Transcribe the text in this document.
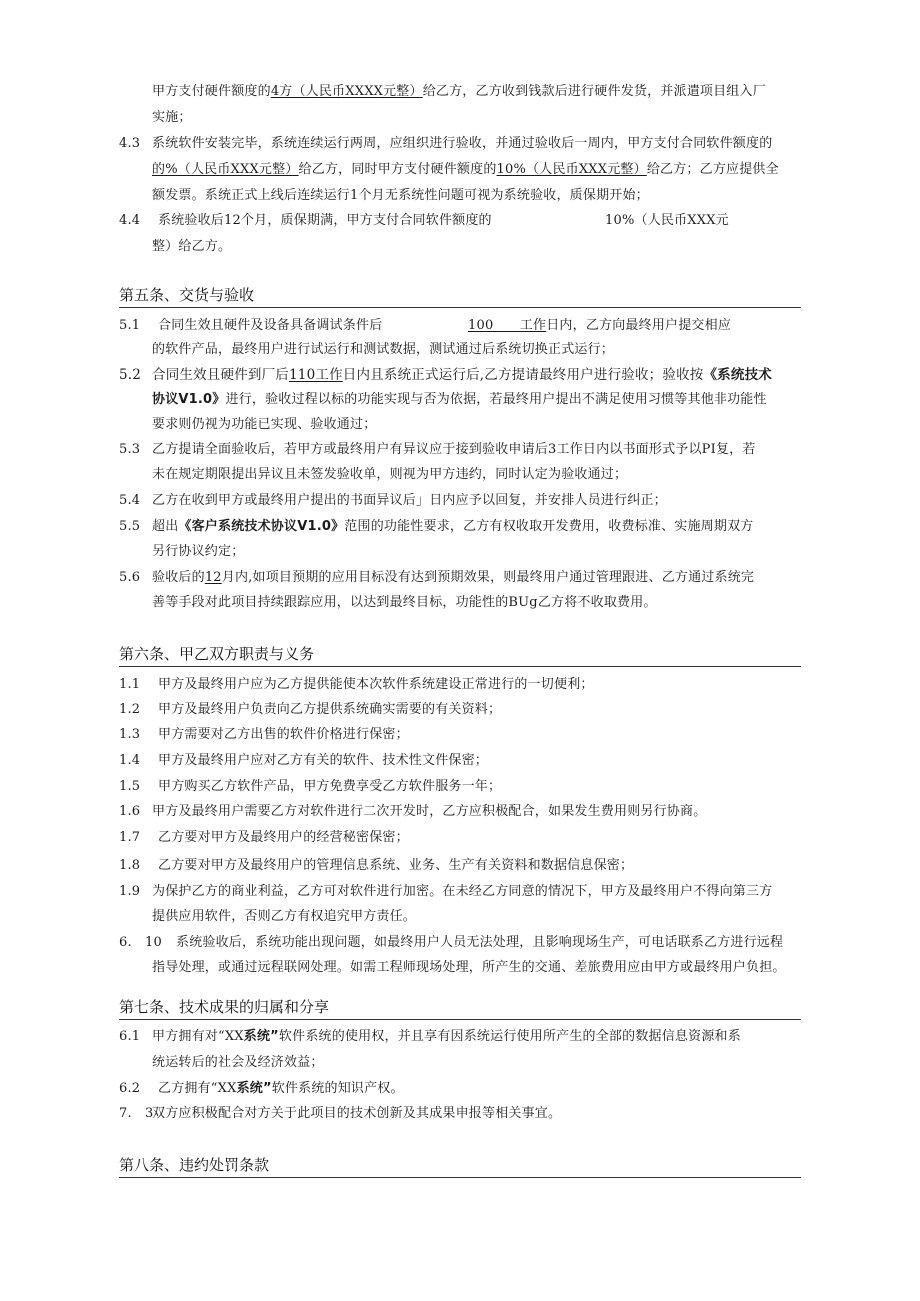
甲方支付硬件额度的4方（人民币XXXX元整）给乙方，乙方收到钱款后进行硬件发货，并派遣项目组入厂
实施；
4.3 系统软件安装完毕，系统连续运行两周，应组织进行验收，并通过验收后一周内，甲方支付合同软件额度的
的%（人民币XXX元整）给乙方，同时甲方支付硬件额度的10%（人民币XXX元整）给乙方；乙方应提供全
额发票。系统正式上线后连续运行1个月无系统性问题可视为系统验收，质保期开始；
4.4 系统验收后12个月，质保期满，甲方支付合同软件额度的	10%（人民币XXX元
整）给乙方。
第五条、交货与验收
5.1 合同生效且硬件及设备具备调试条件后	100　　工作日内，乙方向最终用户提交相应
的软件产品，最终用户进行试运行和测试数据，测试通过后系统切换正式运行；
5.2 合同生效且硬件到厂后110工作日内且系统正式运行后,乙方提请最终用户进行验收；验收按《系统技术
协议V1.0》进行，验收过程以标的功能实现与否为依据，若最终用户提出不满足使用习惯等其他非功能性
要求则仍视为功能已实现、验收通过；
5.3 乙方提请全面验收后，若甲方或最终用户有异议应于接到验收申请后3工作日内以书面形式予以PI复，若
未在规定期限提出异议且未签发验收单，则视为甲方违约，同时认定为验收通过；
5.4 乙方在收到甲方或最终用户提出的书面异议后」日内应予以回复，并安排人员进行纠正；
5.5 超出《客户系统技术协议V1.0》范围的功能性要求，乙方有权收取开发费用，收费标准、实施周期双方
另行协议约定；
5.6 验收后的12月内,如项目预期的应用目标没有达到预期效果，则最终用户通过管理跟进、乙方通过系统完
善等手段对此项目持续跟踪应用，以达到最终目标，功能性的BUg乙方将不收取费用。
第六条、甲乙双方职责与义务
1.1 甲方及最终用户应为乙方提供能使本次软件系统建设正常进行的一切便利；
1.2 甲方及最终用户负责向乙方提供系统确实需要的有关资料；
1.3 甲方需要对乙方出售的软件价格进行保密；
1.4 甲方及最终用户应对乙方有关的软件、技术性文件保密；
1.5 甲方购买乙方软件产品，甲方免费享受乙方软件服务一年；
1.6 甲方及最终用户需要乙方对软件进行二次开发时，乙方应积极配合，如果发生费用则另行协商。
1.7 乙方要对甲方及最终用户的经营秘密保密；
1.8 乙方要对甲方及最终用户的管理信息系统、业务、生产有关资料和数据信息保密；
1.9 为保护乙方的商业利益，乙方可对软件进行加密。在未经乙方同意的情况下，甲方及最终用户不得向第三方
提供应用软件，否则乙方有权追究甲方责任。
6.　10 系统验收后，系统功能出现问题，如最终用户人员无法处理，且影响现场生产，可电话联系乙方进行远程
指导处理，或通过远程联网处理。如需工程师现场处理，所产生的交通、差旅费用应由甲方或最终用户负担。
第七条、技术成果的归属和分享
6.1 甲方拥有对“XX系统”软件系统的使用权，并且享有因系统运行使用所产生的全部的数据信息资源和系
统运转后的社会及经济效益；
6.2 乙方拥有“XX系统”软件系统的知识产权。
7.　3双方应积极配合对方关于此项目的技术创新及其成果申报等相关事宜。
第八条、违约处罚条款
